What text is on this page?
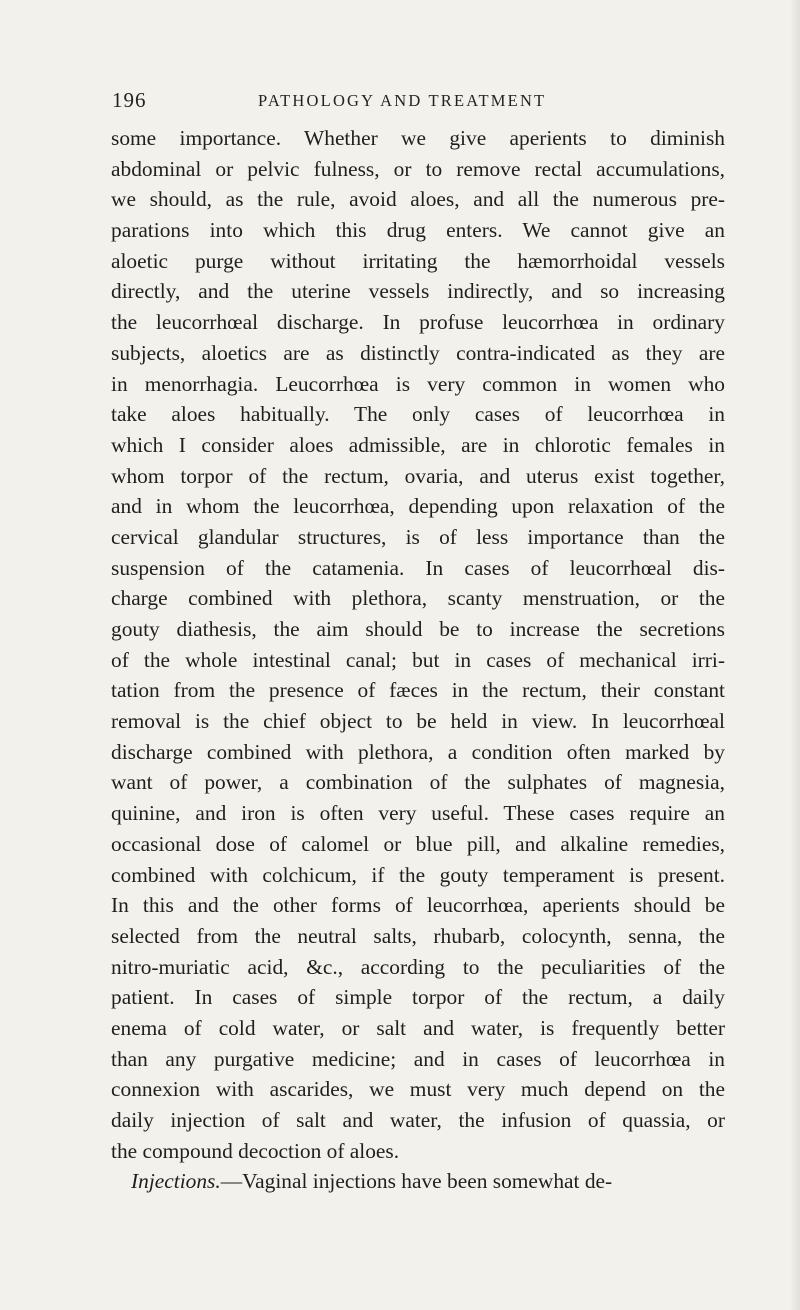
196	PATHOLOGY AND TREATMENT
some importance. Whether we give aperients to diminish
abdominal or pelvic fulness, or to remove rectal accumulations,
we should, as the rule, avoid aloes, and all the numerous pre-
parations into which this drug enters. We cannot give an
aloetic purge without irritating the hæmorrhoidal vessels
directly, and the uterine vessels indirectly, and so increasing
the leucorrhœal discharge. In profuse leucorrhœa in ordinary
subjects, aloetics are as distinctly contra-indicated as they are
in menorrhagia. Leucorrhœa is very common in women who
take aloes habitually. The only cases of leucorrhœa in
which I consider aloes admissible, are in chlorotic females in
whom torpor of the rectum, ovaria, and uterus exist together,
and in whom the leucorrhœa, depending upon relaxation of the
cervical glandular structures, is of less importance than the
suspension of the catamenia. In cases of leucorrhœal dis-
charge combined with plethora, scanty menstruation, or the
gouty diathesis, the aim should be to increase the secretions
of the whole intestinal canal; but in cases of mechanical irri-
tation from the presence of fæces in the rectum, their constant
removal is the chief object to be held in view. In leucorrhœal
discharge combined with plethora, a condition often marked by
want of power, a combination of the sulphates of magnesia,
quinine, and iron is often very useful. These cases require an
occasional dose of calomel or blue pill, and alkaline remedies,
combined with colchicum, if the gouty temperament is present.
In this and the other forms of leucorrhœa, aperients should be
selected from the neutral salts, rhubarb, colocynth, senna, the
nitro-muriatic acid, &c., according to the peculiarities of the
patient. In cases of simple torpor of the rectum, a daily
enema of cold water, or salt and water, is frequently better
than any purgative medicine; and in cases of leucorrhœa in
connexion with ascarides, we must very much depend on the
daily injection of salt and water, the infusion of quassia, or
the compound decoction of aloes.
Injections.—Vaginal injections have been somewhat de-
